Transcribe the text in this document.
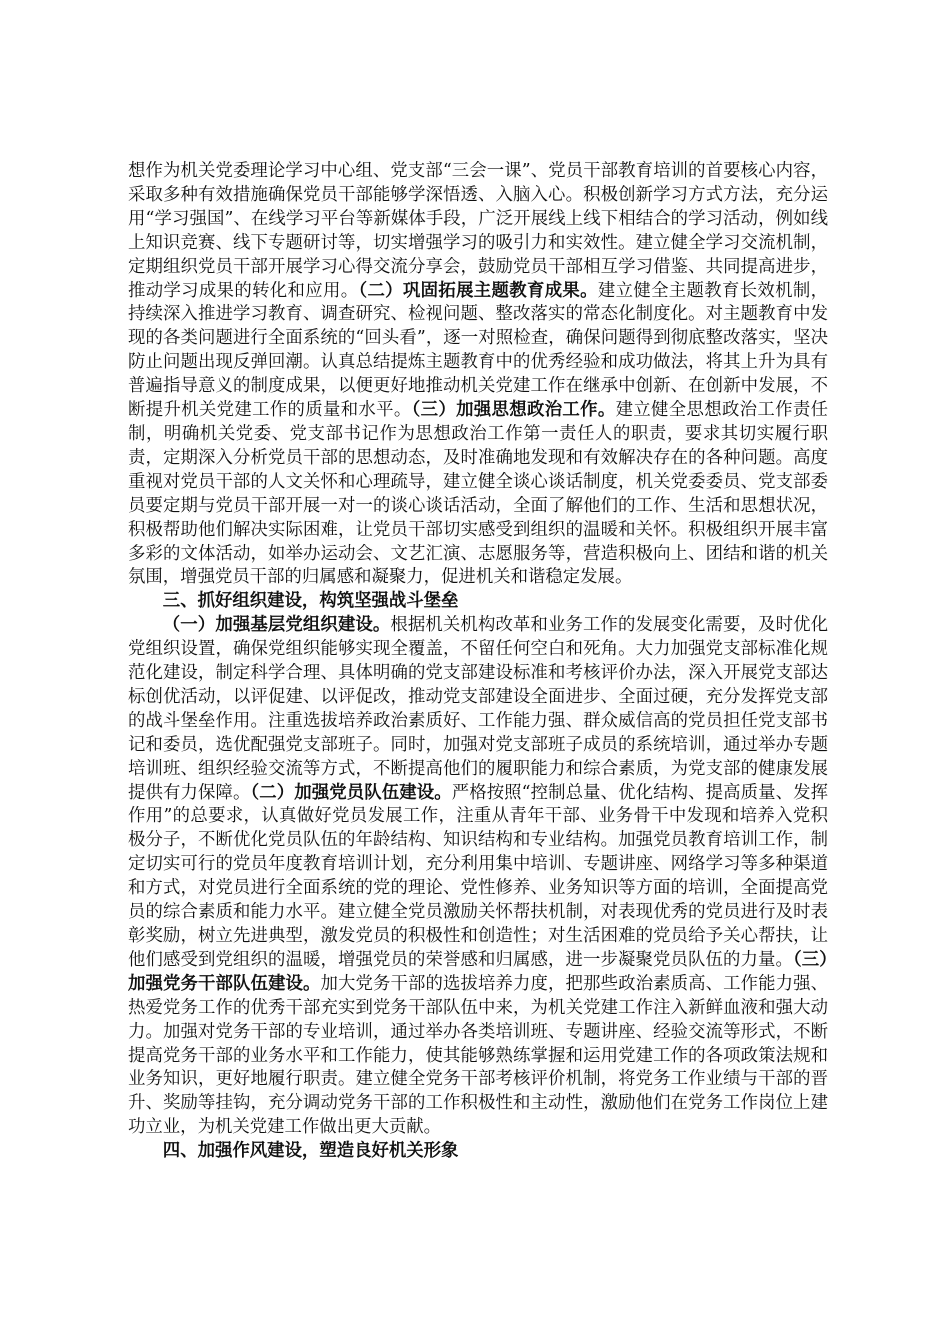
想作为机关党委理论学习中心组、党支部“三会一课”、党员干部教育培训的首要核心内容，采取多种有效措施确保党员干部能够学深悟透、入脑入心。积极创新学习方式方法，充分运用“学习强国”、在线学习平台等新媒体手段，广泛开展线上线下相结合的学习活动，例如线上知识竞赛、线下专题研讨等，切实增强学习的吸引力和实效性。建立健全学习交流机制，定期组织党员干部开展学习心得交流分享会，鼓励党员干部相互学习借鉴、共同提高进步，推动学习成果的转化和应用。（二）巩固拓展主题教育成果。建立健全主题教育长效机制，持续深入推进学习教育、调查研究、检视问题、整改落实的常态化制度化。对主题教育中发现的各类问题进行全面系统的“回头看”，逐一对照检查，确保问题得到彻底整改落实，坚决防止问题出现反弹回潮。认真总结提炼主题教育中的优秀经验和成功做法，将其上升为具有普遍指导意义的制度成果，以便更好地推动机关党建工作在继承中创新、在创新中发展，不断提升机关党建工作的质量和水平。（三）加强思想政治工作。建立健全思想政治工作责任制，明确机关党委、党支部书记作为思想政治工作第一责任人的职责，要求其切实履行职责，定期深入分析党员干部的思想动态，及时准确地发现和有效解决存在的各种问题。高度重视对党员干部的人文关怀和心理疏导，建立健全谈心谈话制度，机关党委委员、党支部委员要定期与党员干部开展一对一的谈心谈话活动，全面了解他们的工作、生活和思想状况，积极帮助他们解决实际困难，让党员干部切实感受到组织的温暖和关怀。积极组织开展丰富多彩的文体活动，如举办运动会、文艺汇演、志愿服务等，营造积极向上、团结和谐的机关氛围，增强党员干部的归属感和凝聚力，促进机关和谐稳定发展。

三、抓好组织建设，构筑坚强战斗堡垒

（一）加强基层党组织建设。根据机关机构改革和业务工作的发展变化需要，及时优化党组织设置，确保党组织能够实现全覆盖，不留任何空白和死角。大力加强党支部标准化规范化建设，制定科学合理、具体明确的党支部建设标准和考核评价办法，深入开展党支部达标创优活动，以评促建、以评促改，推动党支部建设全面进步、全面过硬，充分发挥党支部的战斗堡垒作用。注重选拔培养政治素质好、工作能力强、群众威信高的党员担任党支部书记和委员，选优配强党支部班子。同时，加强对党支部班子成员的系统培训，通过举办专题培训班、组织经验交流等方式，不断提高他们的履职能力和综合素质，为党支部的健康发展提供有力保障。（二）加强党员队伍建设。严格按照“控制总量、优化结构、提高质量、发挥作用”的总要求，认真做好党员发展工作，注重从青年干部、业务骨干中发现和培养入党积极分子，不断优化党员队伍的年龄结构、知识结构和专业结构。加强党员教育培训工作，制定切实可行的党员年度教育培训计划，充分利用集中培训、专题讲座、网络学习等多种渠道和方式，对党员进行全面系统的党的理论、党性修养、业务知识等方面的培训，全面提高党员的综合素质和能力水平。建立健全党员激励关怀帮扶机制，对表现优秀的党员进行及时表彰奖励，树立先进典型，激发党员的积极性和创造性；对生活困难的党员给予关心帮扶，让他们感受到党组织的温暖，增强党员的荣誉感和归属感，进一步凝聚党员队伍的力量。（三）加强党务干部队伍建设。加大党务干部的选拔培养力度，把那些政治素质高、工作能力强、热爱党务工作的优秀干部充实到党务干部队伍中来，为机关党建工作注入新鲜血液和强大动力。加强对党务干部的专业培训，通过举办各类培训班、专题讲座、经验交流等形式，不断提高党务干部的业务水平和工作能力，使其能够熟练掌握和运用党建工作的各项政策法规和业务知识，更好地履行职责。建立健全党务干部考核评价机制，将党务工作业绩与干部的晋升、奖励等挂钩，充分调动党务干部的工作积极性和主动性，激励他们在党务工作岗位上建功立业，为机关党建工作做出更大贡献。

四、加强作风建设，塑造良好机关形象
